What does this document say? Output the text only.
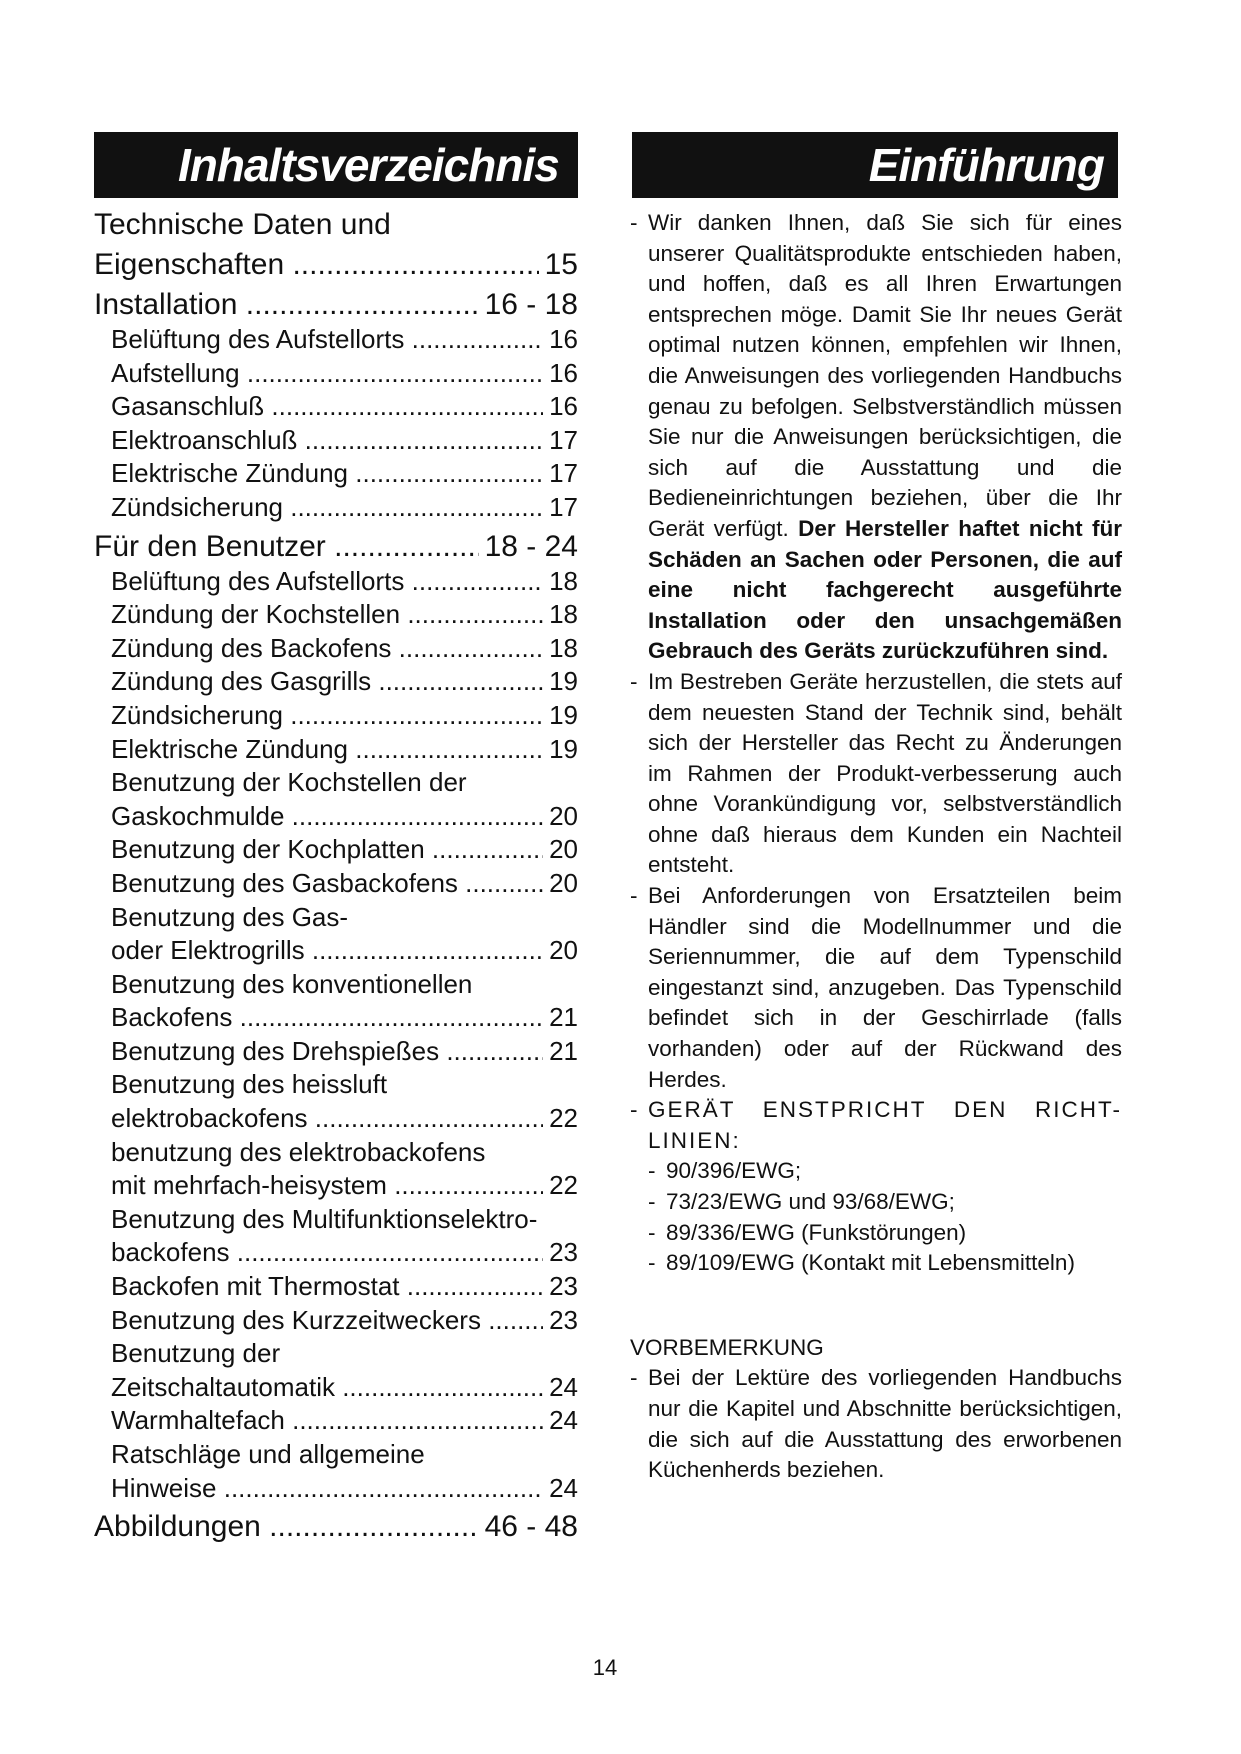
Inhaltsverzeichnis	Einführung
Technische Daten und
Eigenschaften .....	15
Installation .....	16 - 18
Belüftung des Aufstellorts .....	16
Aufstellung .....	16
Gasanschluß .....	16
Elektroanschluß .....	17
Elektrische Zündung .....	17
Zündsicherung .....	17
Für den Benutzer .....	18 - 24
Belüftung des Aufstellorts .....	18
Zündung der Kochstellen .....	18
Zündung des Backofens .....	18
Zündung des Gasgrills .....	19
Zündsicherung .....	19
Elektrische Zündung .....	19
Benutzung der Kochstellen der
Gaskochmulde .....	20
Benutzung der Kochplatten .....	20
Benutzung des Gasbackofens .....	20
Benutzung des Gas-
oder Elektrogrills .....	20
Benutzung des konventionellen
Backofens .....	21
Benutzung des Drehspießes .....	21
Benutzung des heissluft
elektrobackofens .....	22
benutzung des elektrobackofens
mit mehrfach-heisystem .....	22
Benutzung des Multifunktionselektro-
backofens .....	23
Backofen mit Thermostat .....	23
Benutzung des Kurzzeitweckers .....	23
Benutzung der
Zeitschaltautomatik .....	24
Warmhaltefach .....	24
Ratschläge und allgemeine
Hinweise .....	24
Abbildungen .....	46 - 48
- Wir danken Ihnen, daß Sie sich für eines unserer Qualitätsprodukte entschieden haben, und hoffen, daß es all Ihren Erwartungen entsprechen möge. Damit Sie Ihr neues Gerät optimal nutzen können, empfehlen wir Ihnen, die Anweisungen des vorliegenden Handbuchs genau zu befolgen. Selbstverständlich müssen Sie nur die Anweisungen berücksichtigen, die sich auf die Ausstattung und die Bedieneinrichtungen beziehen, über die Ihr Gerät verfügt. Der Hersteller haftet nicht für Schäden an Sachen oder Personen, die auf eine nicht fachgerecht ausgeführte Installation oder den unsachgemäßen Gebrauch des Geräts zurückzuführen sind.
- Im Bestreben Geräte herzustellen, die stets auf dem neuesten Stand der Technik sind, behält sich der Hersteller das Recht zu Änderungen im Rahmen der Produkt-verbesserung auch ohne Vorankündigung vor, selbstverständlich ohne daß hieraus dem Kunden ein Nachteil entsteht.
- Bei Anforderungen von Ersatzteilen beim Händler sind die Modellnummer und die Seriennummer, die auf dem Typenschild eingestanzt sind, anzugeben. Das Typenschild befindet sich in der Geschirrlade (falls vorhanden) oder auf der Rückwand des Herdes.
- GERÄT ENSTPRICHT DEN RICHT-LINIEN:
- 90/396/EWG;
- 73/23/EWG und 93/68/EWG;
- 89/336/EWG (Funkstörungen)
- 89/109/EWG (Kontakt mit Lebensmitteln)
VORBEMERKUNG
- Bei der Lektüre des vorliegenden Handbuchs nur die Kapitel und Abschnitte berücksichtigen, die sich auf die Ausstattung des erworbenen Küchenherds beziehen.
14
